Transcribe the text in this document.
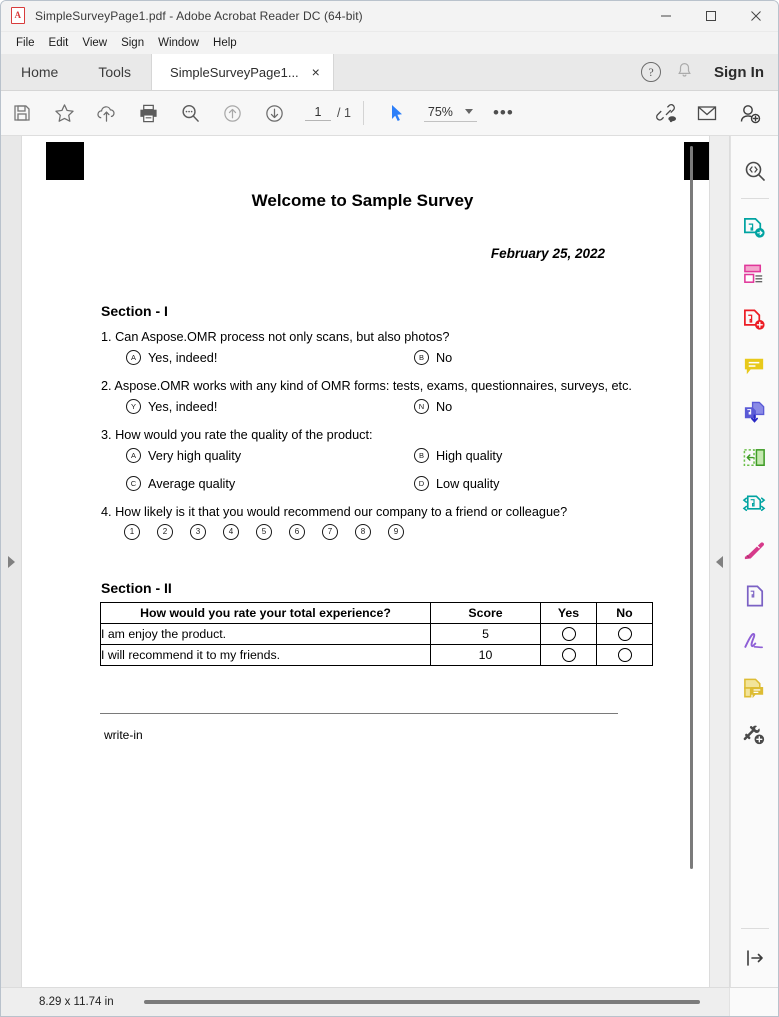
A
SimpleSurveyPage1.pdf - Adobe Acrobat Reader DC (64-bit)
File	Edit	View	Sign	Window	Help
Home	Tools	SimpleSurveyPage1... ×	?	Sign In
1	/ 1	75% •••
Welcome to Sample Survey
February 25, 2022
Section - I
1. Can Aspose.OMR process not only scans, but also photos?
A Yes, indeed!	B No
2. Aspose.OMR works with any kind of OMR forms: tests, exams, questionnaires, surveys, etc.
Y Yes, indeed!	N No
3. How would you rate the quality of the product:
A Very high quality	B High quality
C Average quality	D Low quality
4. How likely is it that you would recommend our company to a friend or colleague?
1	2	3	4	5	6	7	8	9
Section - II
How would you rate your total experience?	Score	Yes	No
I am enjoy the product.	5		
I will recommend it to my friends.	10		
write-in
8.29 x 11.74 in
